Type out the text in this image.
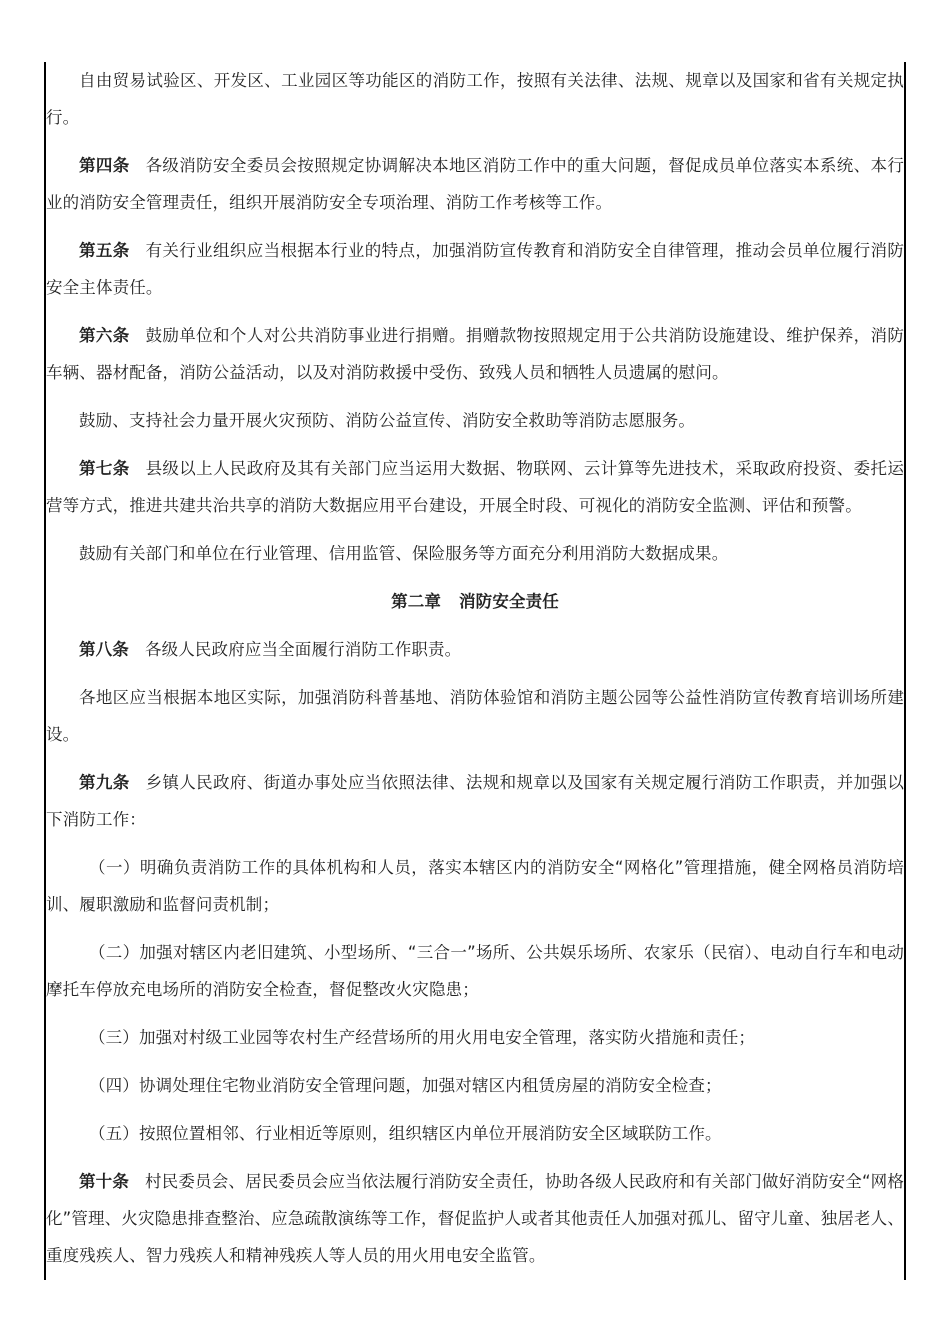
自由贸易试验区、开发区、工业园区等功能区的消防工作，按照有关法律、法规、规章以及国家和省有关规定执行。
第四条 各级消防安全委员会按照规定协调解决本地区消防工作中的重大问题，督促成员单位落实本系统、本行业的消防安全管理责任，组织开展消防安全专项治理、消防工作考核等工作。
第五条 有关行业组织应当根据本行业的特点，加强消防宣传教育和消防安全自律管理，推动会员单位履行消防安全主体责任。
第六条 鼓励单位和个人对公共消防事业进行捐赠。捐赠款物按照规定用于公共消防设施建设、维护保养，消防车辆、器材配备，消防公益活动，以及对消防救援中受伤、致残人员和牺牲人员遗属的慰问。
鼓励、支持社会力量开展火灾预防、消防公益宣传、消防安全救助等消防志愿服务。
第七条 县级以上人民政府及其有关部门应当运用大数据、物联网、云计算等先进技术，采取政府投资、委托运营等方式，推进共建共治共享的消防大数据应用平台建设，开展全时段、可视化的消防安全监测、评估和预警。
鼓励有关部门和单位在行业管理、信用监管、保险服务等方面充分利用消防大数据成果。
第二章 消防安全责任
第八条 各级人民政府应当全面履行消防工作职责。
各地区应当根据本地区实际，加强消防科普基地、消防体验馆和消防主题公园等公益性消防宣传教育培训场所建设。
第九条 乡镇人民政府、街道办事处应当依照法律、法规和规章以及国家有关规定履行消防工作职责，并加强以下消防工作：
（一）明确负责消防工作的具体机构和人员，落实本辖区内的消防安全“网格化”管理措施，健全网格员消防培训、履职激励和监督问责机制；
（二）加强对辖区内老旧建筑、小型场所、“三合一”场所、公共娱乐场所、农家乐（民宿）、电动自行车和电动摩托车停放充电场所的消防安全检查，督促整改火灾隐患；
（三）加强对村级工业园等农村生产经营场所的用火用电安全管理，落实防火措施和责任；
（四）协调处理住宅物业消防安全管理问题，加强对辖区内租赁房屋的消防安全检查；
（五）按照位置相邻、行业相近等原则，组织辖区内单位开展消防安全区域联防工作。
第十条 村民委员会、居民委员会应当依法履行消防安全责任，协助各级人民政府和有关部门做好消防安全“网格化”管理、火灾隐患排查整治、应急疏散演练等工作，督促监护人或者其他责任人加强对孤儿、留守儿童、独居老人、重度残疾人、智力残疾人和精神残疾人等人员的用火用电安全监管。
